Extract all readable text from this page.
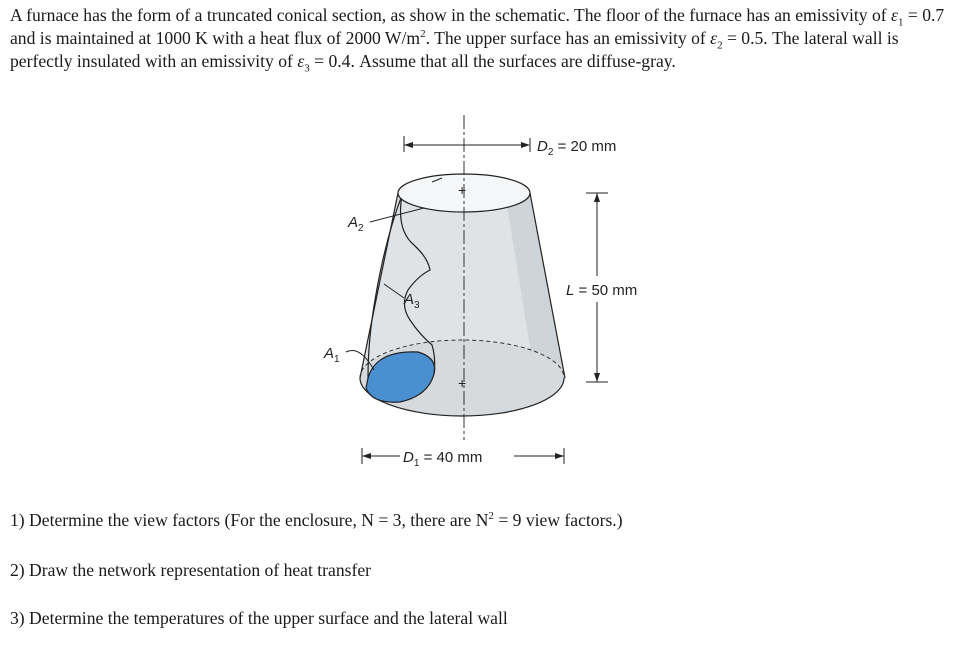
A furnace has the form of a truncated conical section, as show in the schematic. The floor of the furnace has an emissivity of $\varepsilon_1 = 0.7$ and is maintained at 1000 K with a heat flux of 2000 $W/m^2$. The upper surface has an emissivity of $\varepsilon_2 = 0.5$. The lateral wall is perfectly insulated with an emissivity of $\varepsilon_3 = 0.4$. Assume that all the surfaces are diffuse-gray.

+
+
$D_2 = 20$ mm
L = 50 mm
$D_1 = 40$ mm
$A_2$
$A_3$
$A_1$

1) Determine the view factors (For the enclosure, N = 3, there are $N^2 = 9$ view factors.)

2) Draw the network representation of heat transfer

3) Determine the temperatures of the upper surface and the lateral wall
